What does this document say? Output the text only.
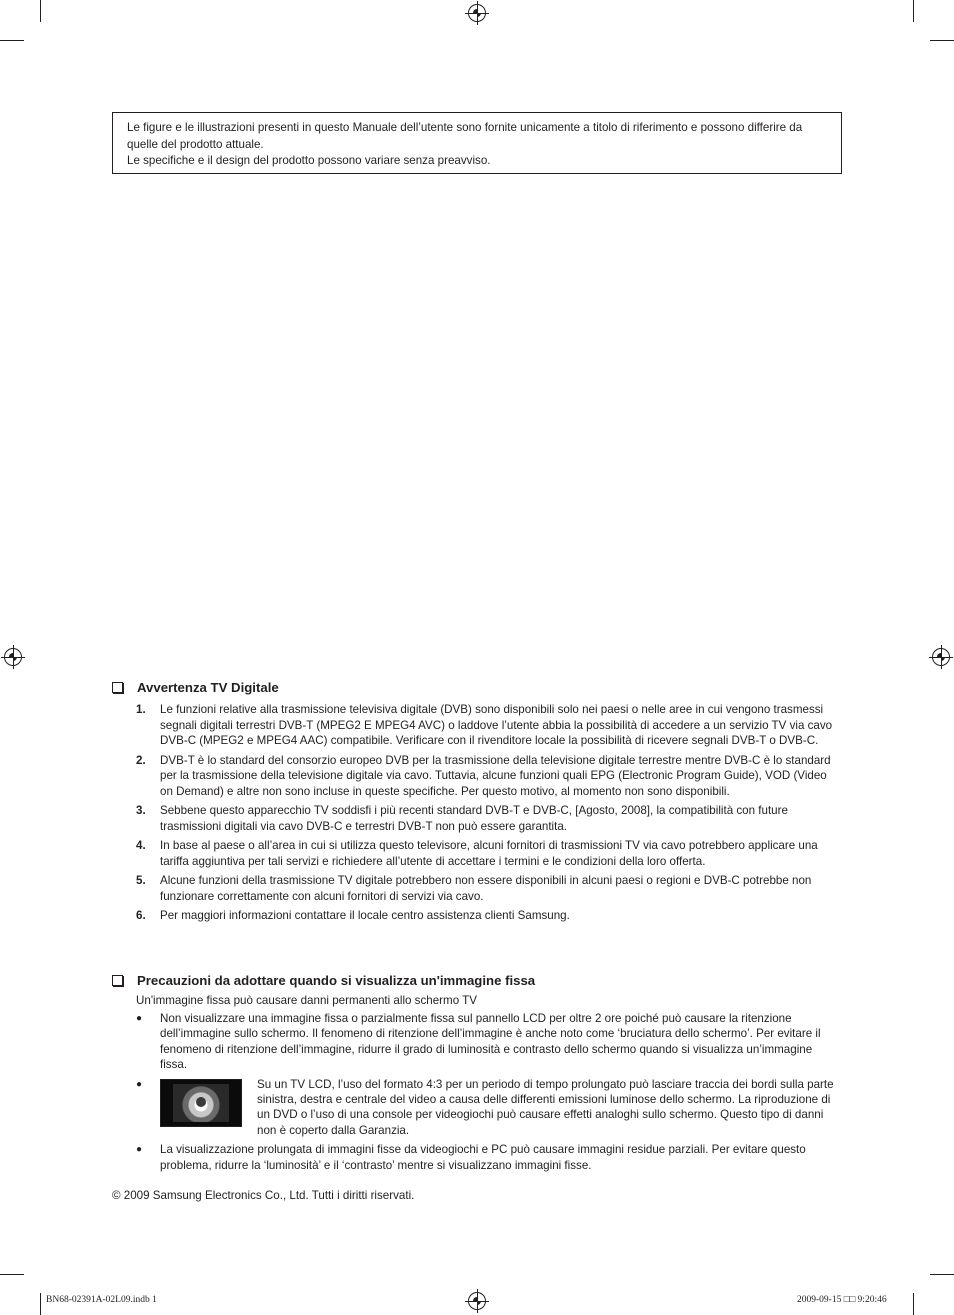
Le figure e le illustrazioni presenti in questo Manuale dell’utente sono fornite unicamente a titolo di riferimento e possono differire da quelle del prodotto attuale.

Le specifiche e il design del prodotto possono variare senza preavviso.

Avvertenza TV Digitale
1.	Le funzioni relative alla trasmissione televisiva digitale (DVB) sono disponibili solo nei paesi o nelle aree in cui vengono trasmessi segnali digitali terrestri DVB-T (MPEG2 E MPEG4 AVC) o laddove l’utente abbia la possibilità di accedere a un servizio TV via cavo DVB-C (MPEG2 e MPEG4 AAC) compatibile. Verificare con il rivenditore locale la possibilità di ricevere segnali DVB-T o DVB-C.
2.	DVB-T è lo standard del consorzio europeo DVB per la trasmissione della televisione digitale terrestre mentre DVB-C è lo standard per la trasmissione della televisione digitale via cavo. Tuttavia, alcune funzioni quali EPG (Electronic Program Guide), VOD (Video on Demand) e altre non sono incluse in queste specifiche. Per questo motivo, al momento non sono disponibili.
3.	Sebbene questo apparecchio TV soddisfi i più recenti standard DVB-T e DVB-C, [Agosto, 2008], la compatibilità con future trasmissioni digitali via cavo DVB-C e terrestri DVB-T non può essere garantita.
4.	In base al paese o all’area in cui si utilizza questo televisore, alcuni fornitori di trasmissioni TV via cavo potrebbero applicare una tariffa aggiuntiva per tali servizi e richiedere all’utente di accettare i termini e le condizioni della loro offerta.
5.	Alcune funzioni della trasmissione TV digitale potrebbero non essere disponibili in alcuni paesi o regioni e DVB-C potrebbe non funzionare correttamente con alcuni fornitori di servizi via cavo.
6.	Per maggiori informazioni contattare il locale centro assistenza clienti Samsung.
Precauzioni da adottare quando si visualizza un'immagine fissa
Un'immagine fissa può causare danni permanenti allo schermo TV
●	Non visualizzare una immagine fissa o parzialmente fissa sul pannello LCD per oltre 2 ore poiché può causare la ritenzione dell’immagine sullo schermo. Il fenomeno di ritenzione dell’immagine è anche noto come ‘bruciatura dello schermo’. Per evitare il fenomeno di ritenzione dell’immagine, ridurre il grado di luminosità e contrasto dello schermo quando si visualizza un’immagine fissa.
●	Su un TV LCD, l’uso del formato 4:3 per un periodo di tempo prolungato può lasciare traccia dei bordi sulla parte sinistra, destra e centrale del video a causa delle differenti emissioni luminose dello schermo. La riproduzione di un DVD o l’uso di una console per videogiochi può causare effetti analoghi sullo schermo. Questo tipo di danni non è coperto dalla Garanzia.
●	La visualizzazione prolungata di immagini fisse da videogiochi e PC può causare immagini residue parziali. Per evitare questo problema, ridurre la ‘luminosità’ e il ‘contrasto’ mentre si visualizzano immagini fisse.
© 2009 Samsung Electronics Co., Ltd. Tutti i diritti riservati.
BN68-02391A-02L09.indb 1	2009-09-15 □□ 9:20:46
